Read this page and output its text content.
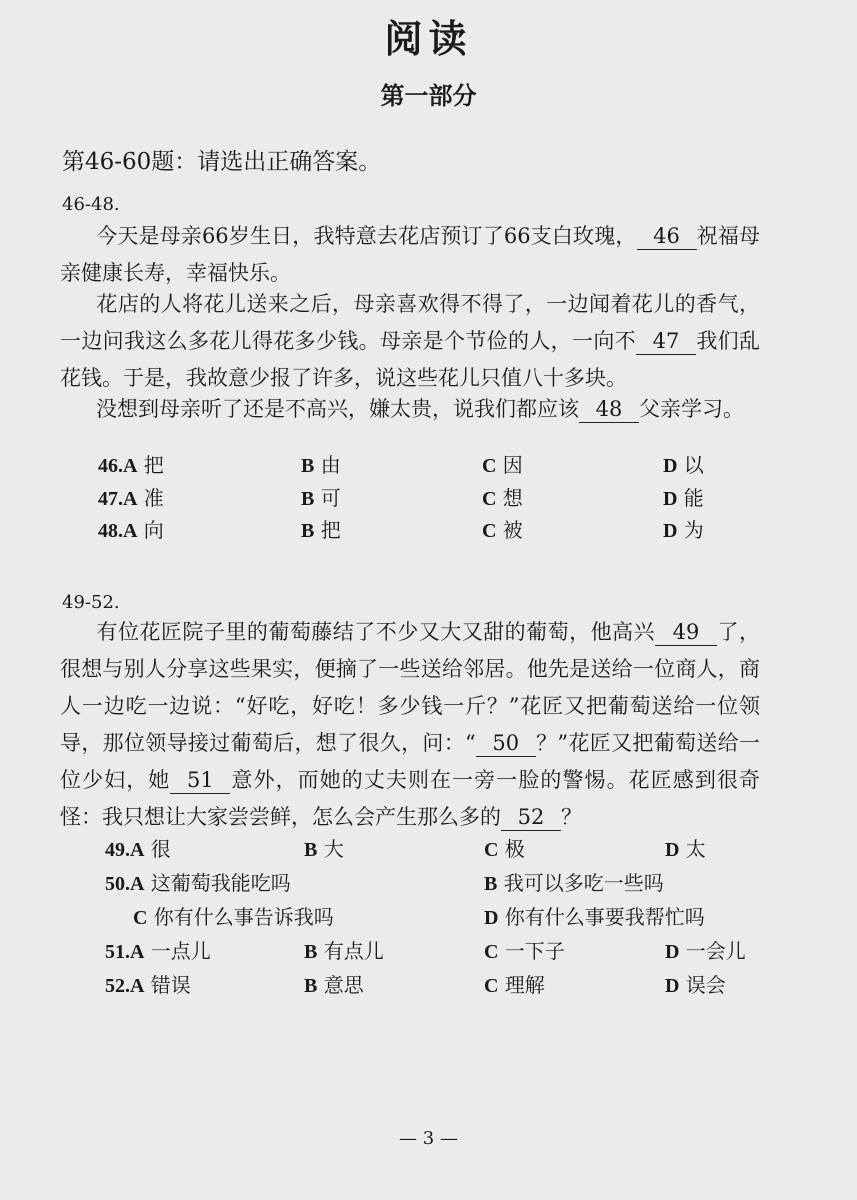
阅读
第一部分
第46-60题：请选出正确答案。
46-48.
今天是母亲66岁生日，我特意去花店预订了66支白玫瑰， 46 祝福母亲健康长寿，幸福快乐。
花店的人将花儿送来之后，母亲喜欢得不得了，一边闻着花儿的香气，一边问我这么多花儿得花多少钱。母亲是个节俭的人，一向不 47 我们乱花钱。于是，我故意少报了许多，说这些花儿只值八十多块。
没想到母亲听了还是不高兴，嫌太贵，说我们都应该 48 父亲学习。
46.A 把	B 由	C 因	D 以
47.A 准	B 可	C 想	D 能
48.A 向	B 把	C 被	D 为
49-52.
有位花匠院子里的葡萄藤结了不少又大又甜的葡萄，他高兴 49 了，很想与别人分享这些果实，便摘了一些送给邻居。他先是送给一位商人，商人一边吃一边说：“好吃，好吃！多少钱一斤？”花匠又把葡萄送给一位领导，那位领导接过葡萄后，想了很久，问：“ 50 ？”花匠又把葡萄送给一位少妇，她 51 意外，而她的丈夫则在一旁一脸的警惕。花匠感到很奇怪：我只想让大家尝尝鲜，怎么会产生那么多的 52 ？
49.A 很	B 大	C 极	D 太
50.A 这葡萄我能吃吗	B 我可以多吃一些吗
C 你有什么事告诉我吗	D 你有什么事要我帮忙吗
51.A 一点儿	B 有点儿	C 一下子	D 一会儿
52.A 错误	B 意思	C 理解	D 误会
— 3 —
